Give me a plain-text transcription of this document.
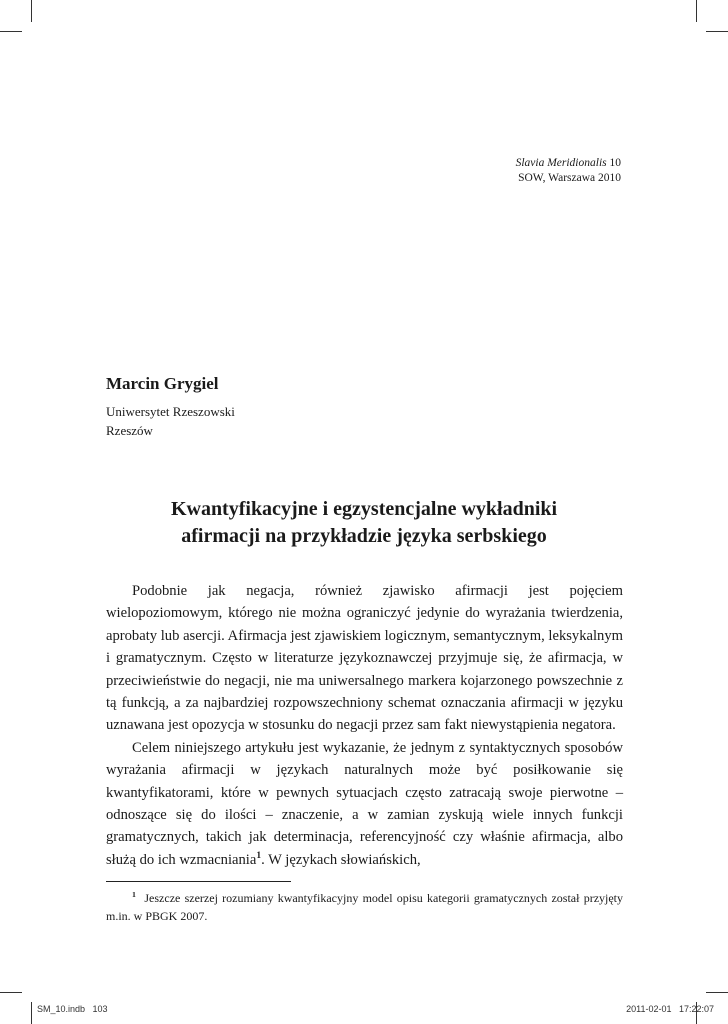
Slavia Meridionalis 10
SOW, Warszawa 2010
Marcin Grygiel
Uniwersytet Rzeszowski
Rzeszów
Kwantyfikacyjne i egzystencjalne wykładniki
afirmacji na przykładzie języka serbskiego

Podobnie jak negacja, również zjawisko afirmacji jest pojęciem wielopoziomowym, którego nie można ograniczyć jedynie do wyrażania twierdzenia, aprobaty lub asercji. Afirmacja jest zjawiskiem logicznym, semantycznym, leksykalnym i gramatycznym. Często w literaturze językoznawczej przyjmuje się, że afirmacja, w przeciwieństwie do negacji, nie ma uniwersalnego markera kojarzonego powszechnie z tą funkcją, a za najbardziej rozpowszechniony schemat oznaczania afirmacji w języku uznawana jest opozycja w stosunku do negacji przez sam fakt niewystąpienia negatora.

Celem niniejszego artykułu jest wykazanie, że jednym z syntaktycznych sposobów wyrażania afirmacji w językach naturalnych może być posiłkowanie się kwantyfikatorami, które w pewnych sytuacjach często zatracają swoje pierwotne – odnoszące się do ilości – znaczenie, a w zamian zyskują wiele innych funkcji gramatycznych, takich jak determinacja, referencyjność czy właśnie afirmacja, albo służą do ich wzmacniania$^1$. W językach słowiańskich,

$^1$ Jeszcze szerzej rozumiany kwantyfikacyjny model opisu kategorii gramatycznych został przyjęty m.in. w PBGK 2007.
SM_10.indb   103	2011-02-01   17:22:07
